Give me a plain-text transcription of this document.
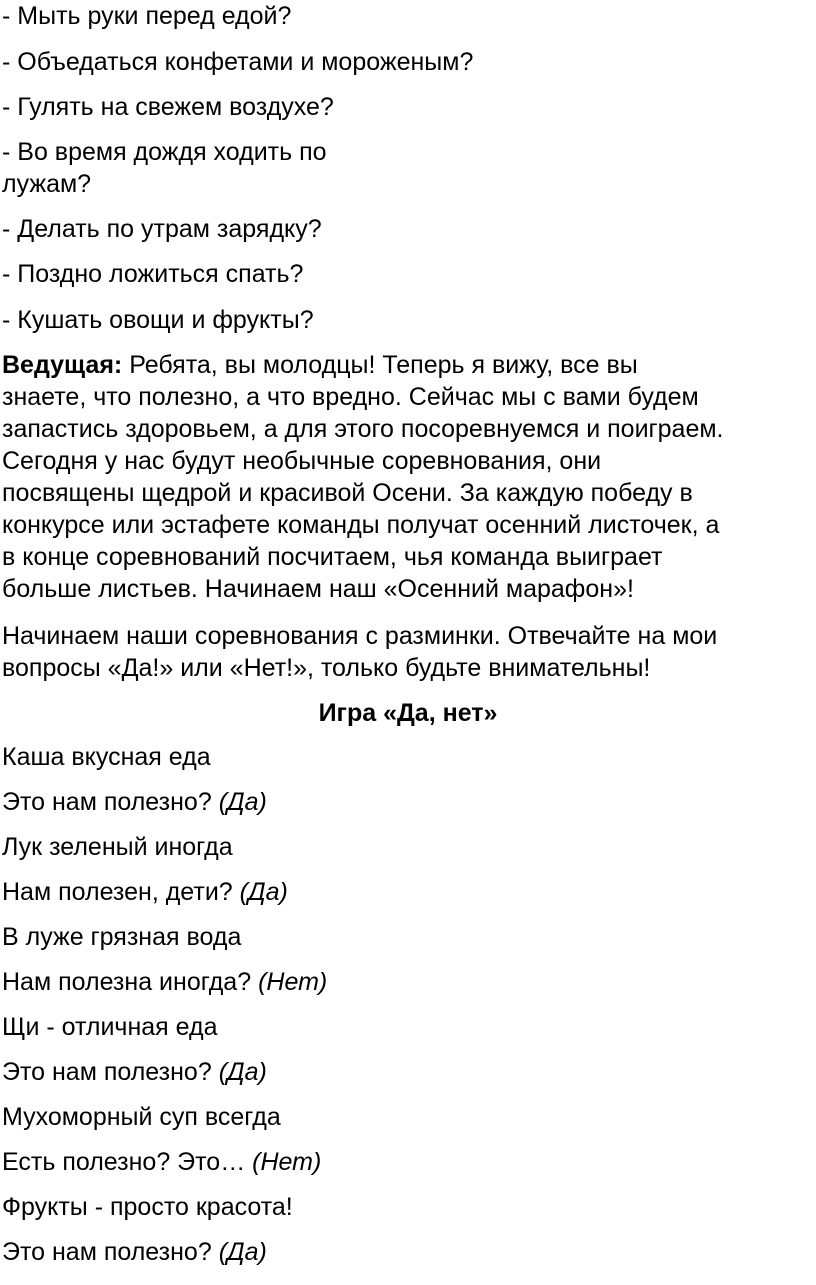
- Мыть руки перед едой?
- Объедаться конфетами и мороженым?
- Гулять на свежем воздухе?
- Во время дождя ходить по
лужам?
- Делать по утрам зарядку?
- Поздно ложиться спать?
- Кушать овощи и фрукты?
Ведущая: Ребята, вы молодцы! Теперь я вижу, все вы
знаете, что полезно, а что вредно. Сейчас мы с вами будем
запастись здоровьем, а для этого посоревнуемся и поиграем.
Сегодня у нас будут необычные соревнования, они
посвящены щедрой и красивой Осени. За каждую победу в
конкурсе или эстафете команды получат осенний листочек, а
в конце соревнований посчитаем, чья команда выиграет
больше листьев. Начинаем наш «Осенний марафон»!
Начинаем наши соревнования с разминки. Отвечайте на мои
вопросы «Да!» или «Нет!», только будьте внимательны!
Игра «Да, нет»
Каша вкусная еда
Это нам полезно? (Да)
Лук зеленый иногда
Нам полезен, дети? (Да)
В луже грязная вода
Нам полезна иногда? (Нет)
Щи - отличная еда
Это нам полезно? (Да)
Мухоморный суп всегда
Есть полезно? Это… (Нет)
Фрукты - просто красота!
Это нам полезно? (Да)
